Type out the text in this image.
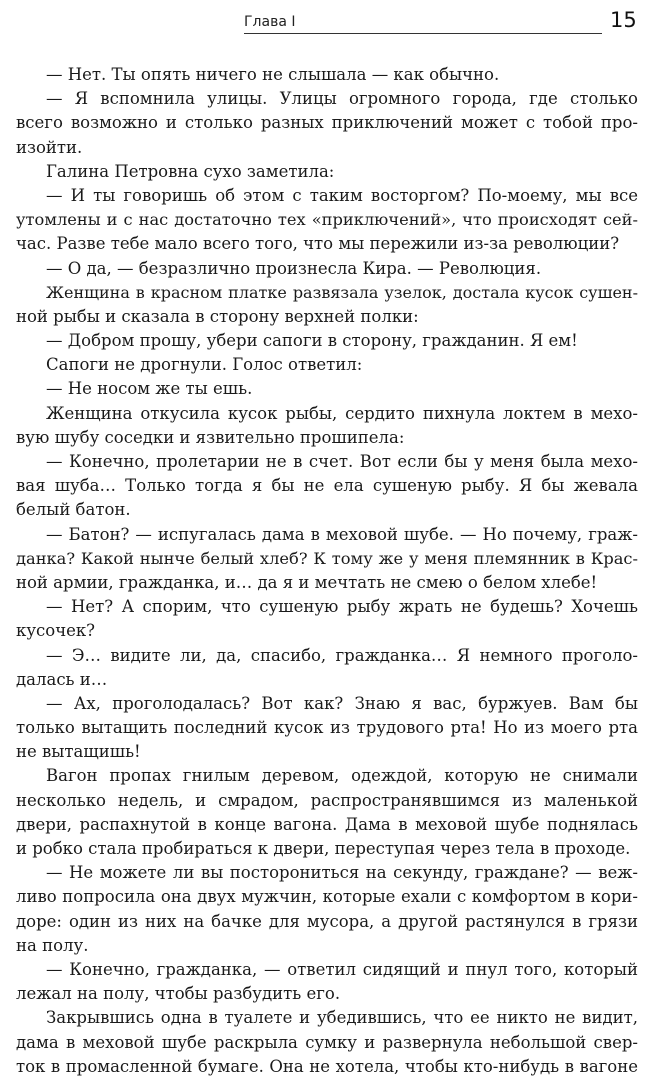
Глава I	15
— Нет. Ты опять ничего не слышала — как обычно.
— Я вспомнила улицы. Улицы огромного города, где столько
всего возможно и столько разных приключений может с тобой про-
изойти.
Галина Петровна сухо заметила:
— И ты говоришь об этом с таким восторгом? По-моему, мы все
утомлены и с нас достаточно тех «приключений», что происходят сей-
час. Разве тебе мало всего того, что мы пережили из-за революции?
— О да, — безразлично произнесла Кира. — Революция.
Женщина в красном платке развязала узелок, достала кусок сушен-
ной рыбы и сказала в сторону верхней полки:
— Добром прошу, убери сапоги в сторону, гражданин. Я ем!
Сапоги не дрогнули. Голос ответил:
— Не носом же ты ешь.
Женщина откусила кусок рыбы, сердито пихнула локтем в мехо-
вую шубу соседки и язвительно прошипела:
— Конечно, пролетарии не в счет. Вот если бы у меня была мехо-
вая шуба… Только тогда я бы не ела сушеную рыбу. Я бы жевала
белый батон.
— Батон? — испугалась дама в меховой шубе. — Но почему, граж-
данка? Какой нынче белый хлеб? К тому же у меня племянник в Крас-
ной армии, гражданка, и… да я и мечтать не смею о белом хлебе!
— Нет? А спорим, что сушеную рыбу жрать не будешь? Хочешь
кусочек?
— Э… видите ли, да, спасибо, гражданка… Я немного проголо-
далась и…
— Ах, проголодалась? Вот как? Знаю я вас, буржуев. Вам бы
только вытащить последний кусок из трудового рта! Но из моего рта
не вытащишь!
Вагон пропах гнилым деревом, одеждой, которую не снимали
несколько недель, и смрадом, распространявшимся из маленькой
двери, распахнутой в конце вагона. Дама в меховой шубе поднялась
и робко стала пробираться к двери, переступая через тела в проходе.
— Не можете ли вы посторониться на секунду, граждане? — веж-
ливо попросила она двух мужчин, которые ехали с комфортом в кори-
доре: один из них на бачке для мусора, а другой растянулся в грязи
на полу.
— Конечно, гражданка, — ответил сидящий и пнул того, который
лежал на полу, чтобы разбудить его.
Закрывшись одна в туалете и убедившись, что ее никто не видит,
дама в меховой шубе раскрыла сумку и развернула небольшой свер-
ток в промасленной бумаге. Она не хотела, чтобы кто-нибудь в вагоне
